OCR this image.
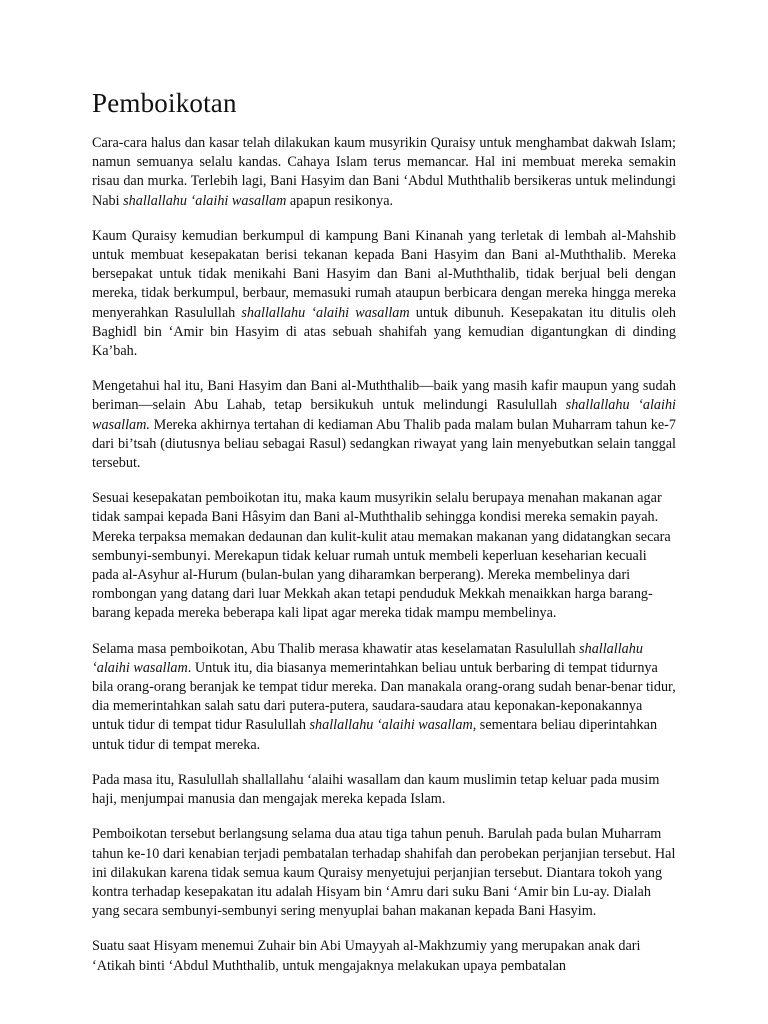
Pemboikotan

Cara-cara halus dan kasar telah dilakukan kaum musyrikin Quraisy untuk menghambat dakwah Islam; namun semuanya selalu kandas. Cahaya Islam terus memancar. Hal ini membuat mereka semakin risau dan murka. Terlebih lagi, Bani Hasyim dan Bani ‘Abdul Muththalib bersikeras untuk melindungi Nabi shallallahu ‘alaihi wasallam apapun resikonya.

Kaum Quraisy kemudian berkumpul di kampung Bani Kinanah yang terletak di lembah al-Mahshib untuk membuat kesepakatan berisi tekanan kepada Bani Hasyim dan Bani al-Muththalib. Mereka bersepakat untuk tidak menikahi Bani Hasyim dan Bani al-Muththalib, tidak berjual beli dengan mereka, tidak berkumpul, berbaur, memasuki rumah ataupun berbicara dengan mereka hingga mereka menyerahkan Rasulullah shallallahu ‘alaihi wasallam untuk dibunuh. Kesepakatan itu ditulis oleh Baghidl bin ‘Amir bin Hasyim di atas sebuah shahifah yang kemudian digantungkan di dinding Ka’bah.

Mengetahui hal itu, Bani Hasyim dan Bani al-Muththalib—baik yang masih kafir maupun yang sudah beriman—selain Abu Lahab, tetap bersikukuh untuk melindungi Rasulullah shallallahu ‘alaihi wasallam. Mereka akhirnya tertahan di kediaman Abu Thalib pada malam bulan Muharram tahun ke-7 dari bi’tsah (diutusnya beliau sebagai Rasul) sedangkan riwayat yang lain menyebutkan selain tanggal tersebut.

Sesuai kesepakatan pemboikotan itu, maka kaum musyrikin selalu berupaya menahan makanan agar tidak sampai kepada Bani Hâsyim dan Bani al-Muththalib sehingga kondisi mereka semakin payah. Mereka terpaksa memakan dedaunan dan kulit-kulit atau memakan makanan yang didatangkan secara sembunyi-sembunyi. Merekapun tidak keluar rumah untuk membeli keperluan keseharian kecuali pada al-Asyhur al-Hurum (bulan-bulan yang diharamkan berperang). Mereka membelinya dari rombongan yang datang dari luar Mekkah akan tetapi penduduk Mekkah menaikkan harga barang-barang kepada mereka beberapa kali lipat agar mereka tidak mampu membelinya.

Selama masa pemboikotan, Abu Thalib merasa khawatir atas keselamatan Rasulullah shallallahu ‘alaihi wasallam. Untuk itu, dia biasanya memerintahkan beliau untuk berbaring di tempat tidurnya bila orang-orang beranjak ke tempat tidur mereka. Dan manakala orang-orang sudah benar-benar tidur, dia memerintahkan salah satu dari putera-putera, saudara-saudara atau keponakan-keponakannya untuk tidur di tempat tidur Rasulullah shallallahu ‘alaihi wasallam, sementara beliau diperintahkan untuk tidur di tempat mereka.

Pada masa itu, Rasulullah shallallahu ‘alaihi wasallam dan kaum muslimin tetap keluar pada musim haji, menjumpai manusia dan mengajak mereka kepada Islam.

Pemboikotan tersebut berlangsung selama dua atau tiga tahun penuh. Barulah pada bulan Muharram tahun ke-10 dari kenabian terjadi pembatalan terhadap shahifah dan perobekan perjanjian tersebut. Hal ini dilakukan karena tidak semua kaum Quraisy menyetujui perjanjian tersebut. Diantara tokoh yang kontra terhadap kesepakatan itu adalah Hisyam bin ‘Amru dari suku Bani ‘Amir bin Lu-ay. Dialah yang secara sembunyi-sembunyi sering menyuplai bahan makanan kepada Bani Hasyim.

Suatu saat Hisyam menemui Zuhair bin Abi Umayyah al-Makhzumiy yang merupakan anak dari ‘Atikah binti ‘Abdul Muththalib, untuk mengajaknya melakukan upaya pembatalan
